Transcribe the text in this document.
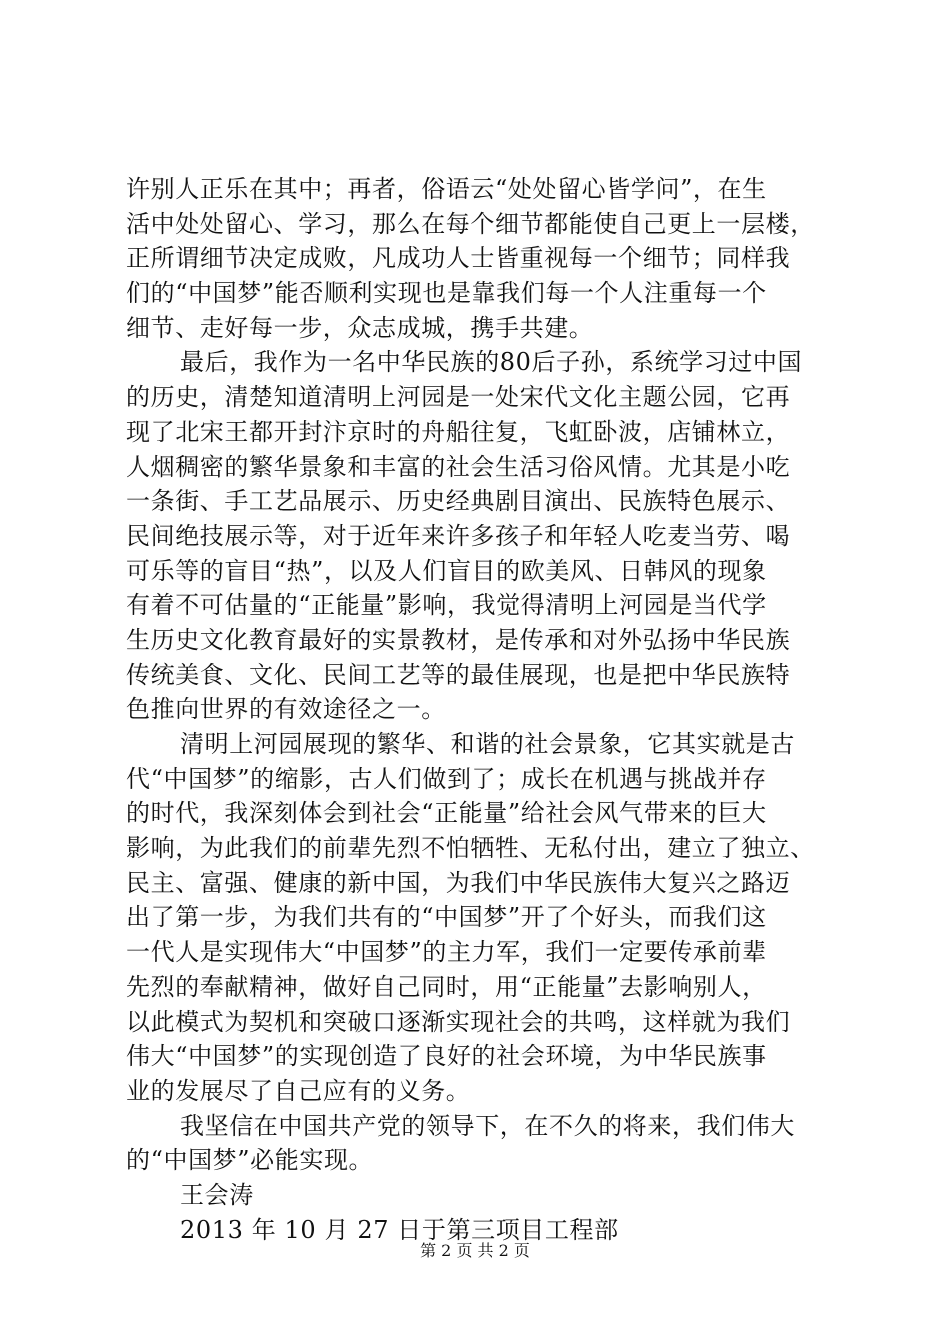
许别人正乐在其中；再者，俗语云“处处留心皆学问”，在生
活中处处留心、学习，那么在每个细节都能使自己更上一层楼，
正所谓细节决定成败，凡成功人士皆重视每一个细节；同样我
们的“中国梦”能否顺利实现也是靠我们每一个人注重每一个
细节、走好每一步，众志成城，携手共建。
最后，我作为一名中华民族的80后子孙，系统学习过中国
的历史，清楚知道清明上河园是一处宋代文化主题公园，它再
现了北宋王都开封汴京时的舟船往复，飞虹卧波，店铺林立，
人烟稠密的繁华景象和丰富的社会生活习俗风情。尤其是小吃
一条街、手工艺品展示、历史经典剧目演出、民族特色展示、
民间绝技展示等，对于近年来许多孩子和年轻人吃麦当劳、喝
可乐等的盲目“热”，以及人们盲目的欧美风、日韩风的现象
有着不可估量的“正能量”影响，我觉得清明上河园是当代学
生历史文化教育最好的实景教材，是传承和对外弘扬中华民族
传统美食、文化、民间工艺等的最佳展现，也是把中华民族特
色推向世界的有效途径之一。
清明上河园展现的繁华、和谐的社会景象，它其实就是古
代“中国梦”的缩影，古人们做到了；成长在机遇与挑战并存
的时代，我深刻体会到社会“正能量”给社会风气带来的巨大
影响，为此我们的前辈先烈不怕牺牲、无私付出，建立了独立、
民主、富强、健康的新中国，为我们中华民族伟大复兴之路迈
出了第一步，为我们共有的“中国梦”开了个好头，而我们这
一代人是实现伟大“中国梦”的主力军，我们一定要传承前辈
先烈的奉献精神，做好自己同时，用“正能量”去影响别人，
以此模式为契机和突破口逐渐实现社会的共鸣，这样就为我们
伟大“中国梦”的实现创造了良好的社会环境，为中华民族事
业的发展尽了自己应有的义务。
我坚信在中国共产党的领导下，在不久的将来，我们伟大
的“中国梦”必能实现。
王会涛
2013 年 10 月 27 日于第三项目工程部
第 2 页 共 2 页
